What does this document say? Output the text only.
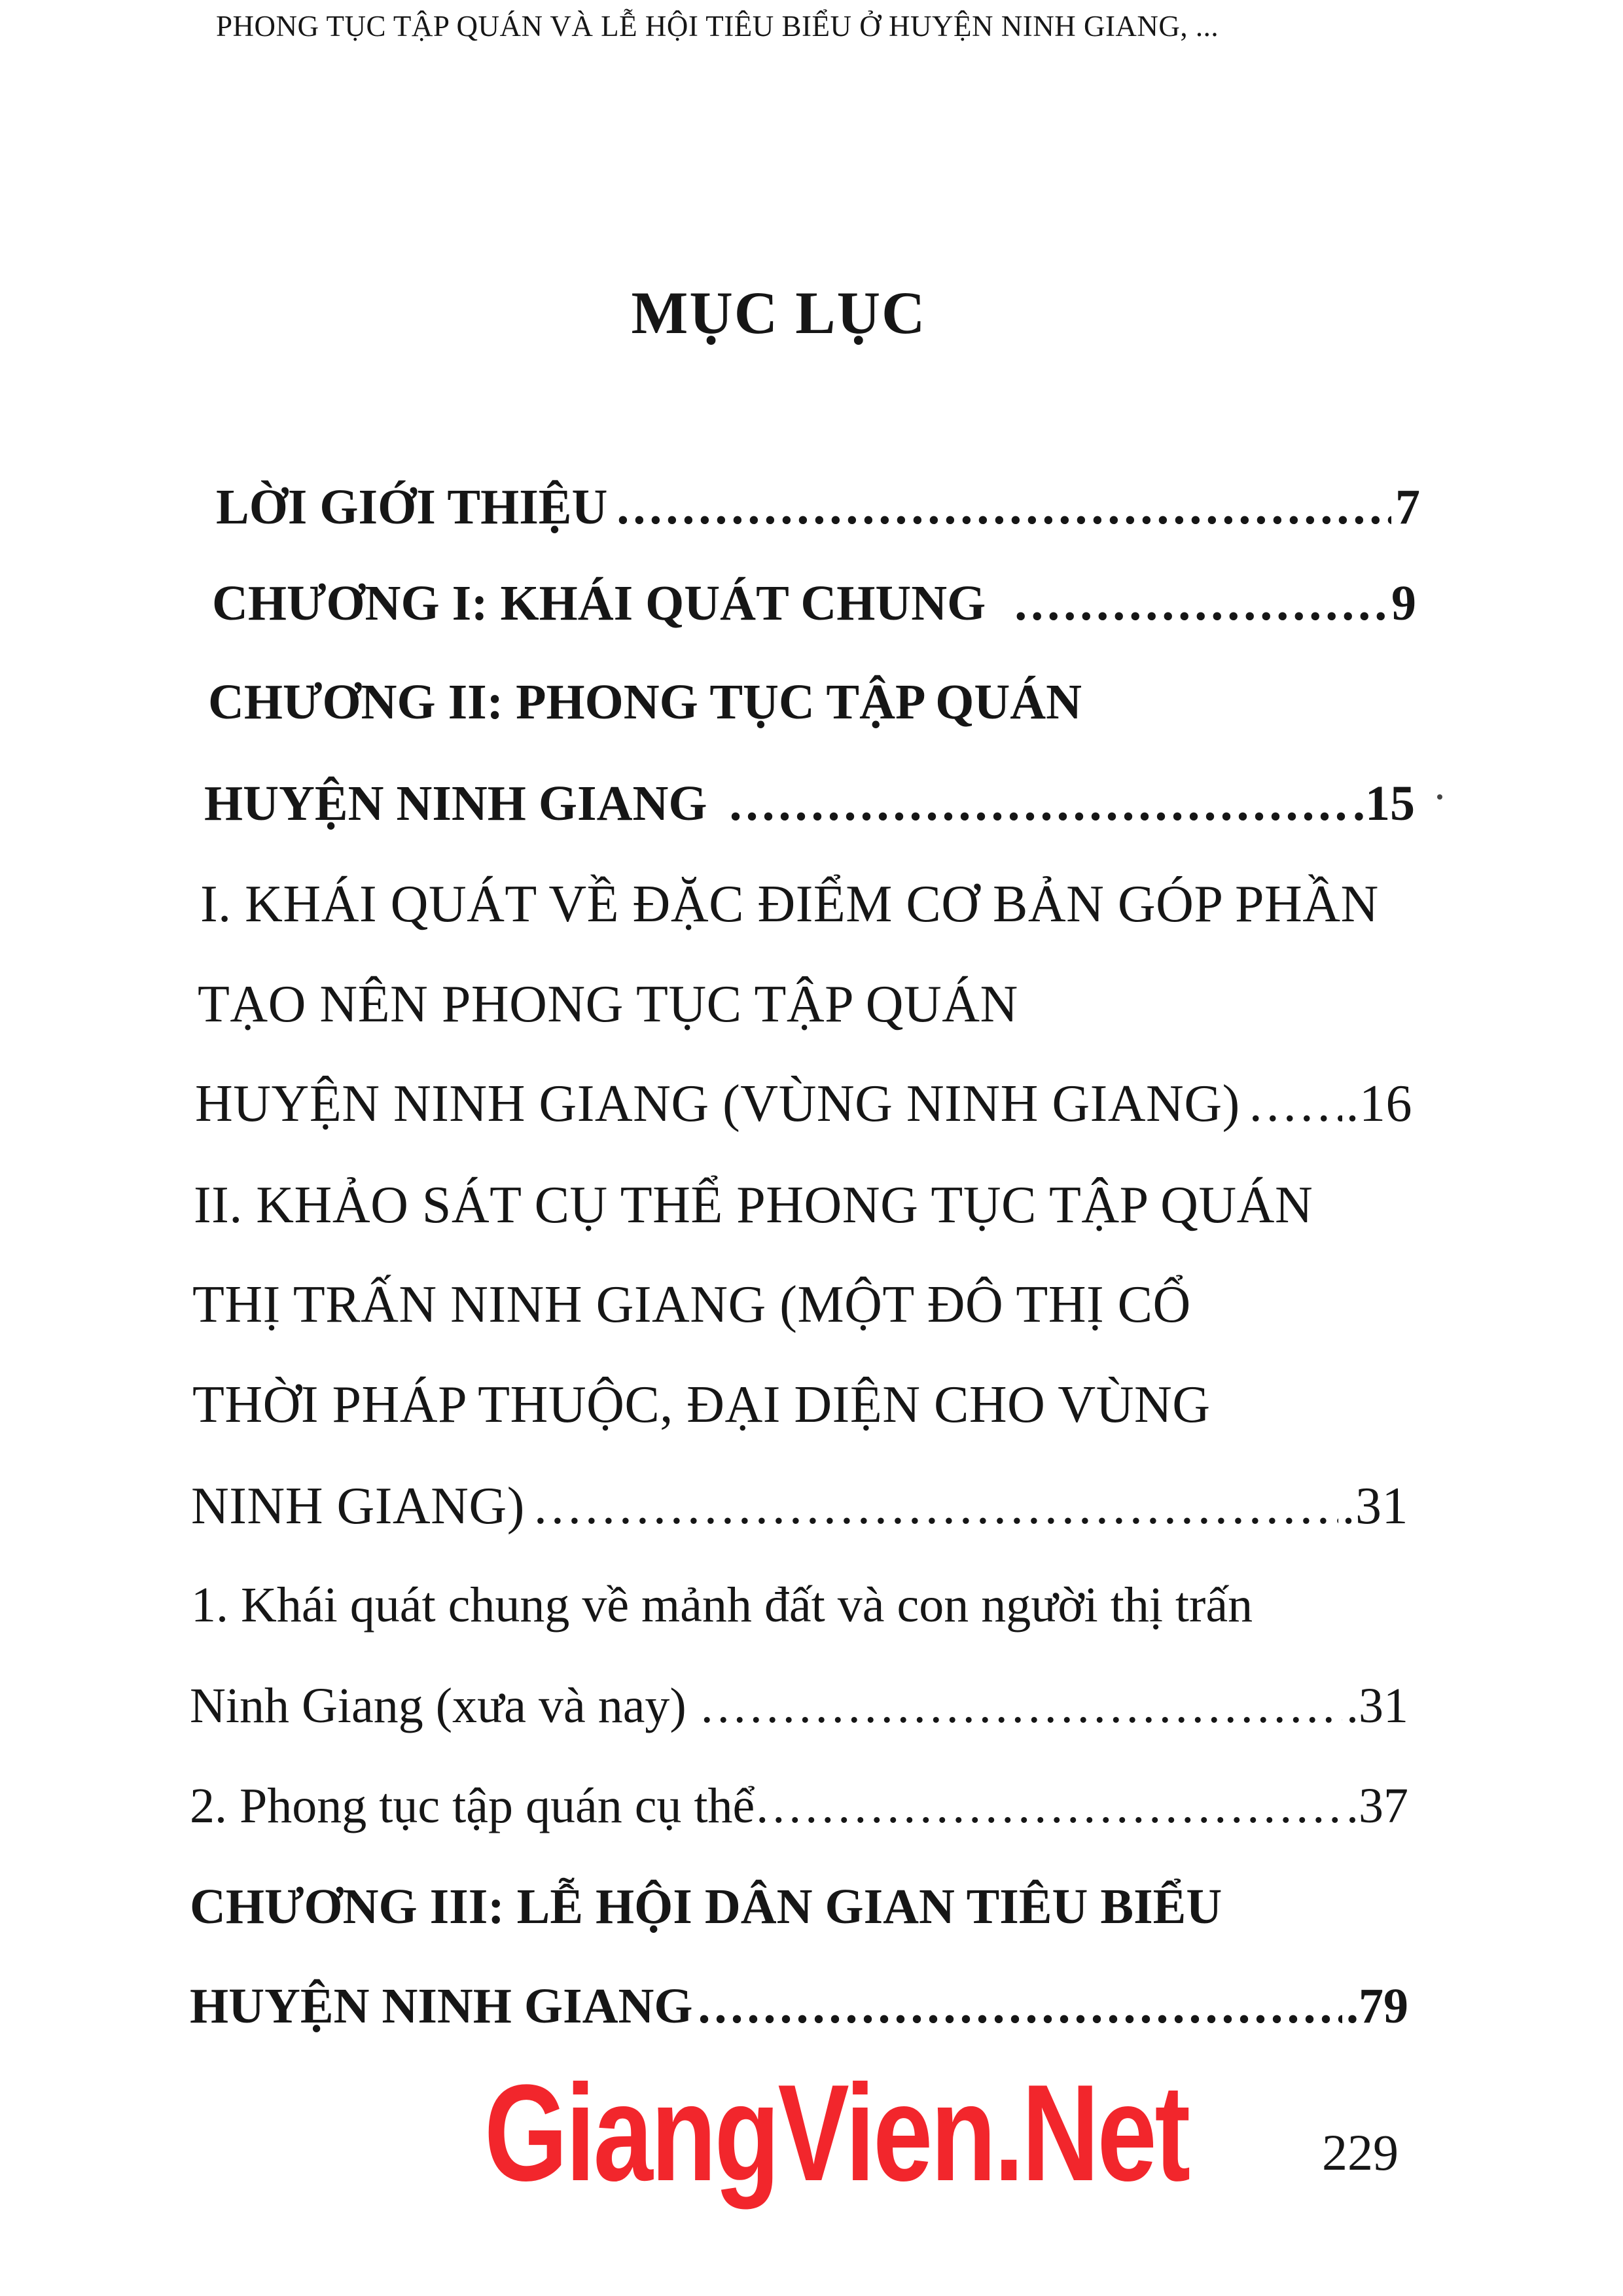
PHONG TỤC TẬP QUÁN VÀ LỄ HỘI TIÊU BIỂU Ở HUYỆN NINH GIANG, ...
MỤC LỤC
LỜI GIỚI THIỆU .....	7
CHƯƠNG I: KHÁI QUÁT CHUNG .....	9
CHƯƠNG II: PHONG TỤC TẬP QUÁN
HUYỆN NINH GIANG .....	.15
I. KHÁI QUÁT VỀ ĐẶC ĐIỂM CƠ BẢN GÓP PHẦN
TẠO NÊN PHONG TỤC TẬP QUÁN
HUYỆN NINH GIANG (VÙNG NINH GIANG) ..... .16
II. KHẢO SÁT CỤ THỂ PHONG TỤC TẬP QUÁN
THỊ TRẤN NINH GIANG (MỘT ĐÔ THỊ CỔ
THỜI PHÁP THUỘC, ĐẠI DIỆN CHO VÙNG
NINH GIANG) .....	.31
1. Khái quát chung về mảnh đất và con người thị trấn
Ninh Giang (xưa và nay) .....	.31
2. Phong tục tập quán cụ thể .....	.37
CHƯƠNG III: LỄ HỘI DÂN GIAN TIÊU BIỂU
HUYỆN NINH GIANG .....	.79
GiangVien.Net	229
